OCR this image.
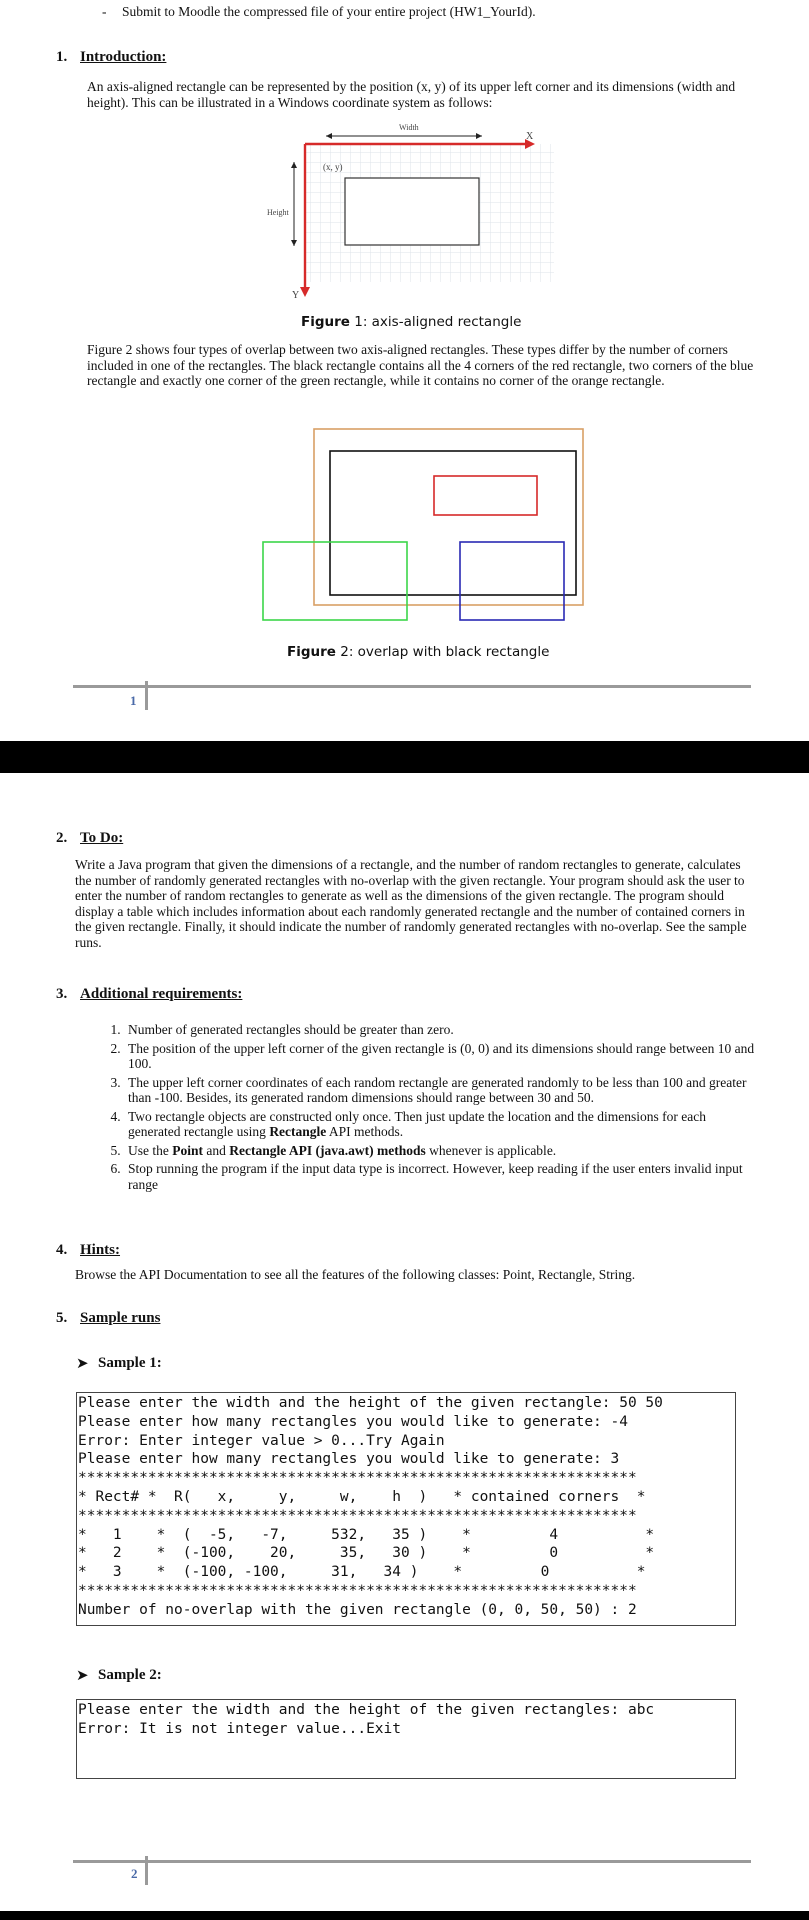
- Submit to Moodle the compressed file of your entire project (HW1_YourId).
1. Introduction:
An axis-aligned rectangle can be represented by the position (x, y) of its upper left corner and its dimensions (width and height). This can be illustrated in a Windows coordinate system as follows:
Width
X
(x, y)
Height
Y
Figure 1: axis-aligned rectangle
Figure 2 shows four types of overlap between two axis-aligned rectangles. These types differ by the number of corners included in one of the rectangles. The black rectangle contains all the 4 corners of the red rectangle, two corners of the blue rectangle and exactly one corner of the green rectangle, while it contains no corner of the orange rectangle.
Figure 2: overlap with black rectangle
1
2. To Do:
Write a Java program that given the dimensions of a rectangle, and the number of random rectangles to generate, calculates the number of randomly generated rectangles with no-overlap with the given rectangle. Your program should ask the user to enter the number of random rectangles to generate as well as the dimensions of the given rectangle. The program should display a table which includes information about each randomly generated rectangle and the number of contained corners in the given rectangle. Finally, it should indicate the number of randomly generated rectangles with no-overlap. See the sample runs.
3. Additional requirements:
1. Number of generated rectangles should be greater than zero.
2. The position of the upper left corner of the given rectangle is (0, 0) and its dimensions should range between 10 and 100.
3. The upper left corner coordinates of each random rectangle are generated randomly to be less than 100 and greater than -100. Besides, its generated random dimensions should range between 30 and 50.
4. Two rectangle objects are constructed only once. Then just update the location and the dimensions for each generated rectangle using Rectangle API methods.
5. Use the Point and Rectangle API (java.awt) methods whenever is applicable.
6. Stop running the program if the input data type is incorrect. However, keep reading if the user enters invalid input range
4. Hints:
Browse the API Documentation to see all the features of the following classes: Point, Rectangle, String.
5. Sample runs
➤ Sample 1:
Please enter the width and the height of the given rectangle: 50 50
Please enter how many rectangles you would like to generate: -4
Error: Enter integer value > 0...Try Again
Please enter how many rectangles you would like to generate: 3
****************************************************************
* Rect# *  R(   x,     y,     w,    h  )   * contained corners  *
****************************************************************
*   1    *  (  -5,   -7,     532,   35 )    *         4          *
*   2    *  (-100,    20,     35,   30 )    *         0          *
*   3    *  (-100, -100,     31,   34 )    *         0          *
****************************************************************
Number of no-overlap with the given rectangle (0, 0, 50, 50) : 2
➤ Sample 2:
Please enter the width and the height of the given rectangles: abc
Error: It is not integer value...Exit
2
